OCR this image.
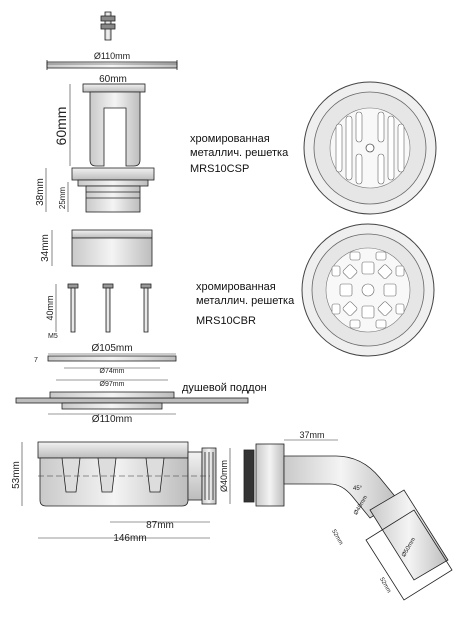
Ø110mm
60mm
60mm
38mm 25mm
34mm
40mm
M5
Ø105mm
7
Ø74mm
Ø97mm	душевой поддон
Ø110mm
53mm	Ø40mm
87mm
146mm
37mm
45°
Ø40mm
Ø50mm
52mm
52mm
хромированная
металлич. решетка
MRS10CSP
хромированная
металлич. решетка
MRS10CBR
